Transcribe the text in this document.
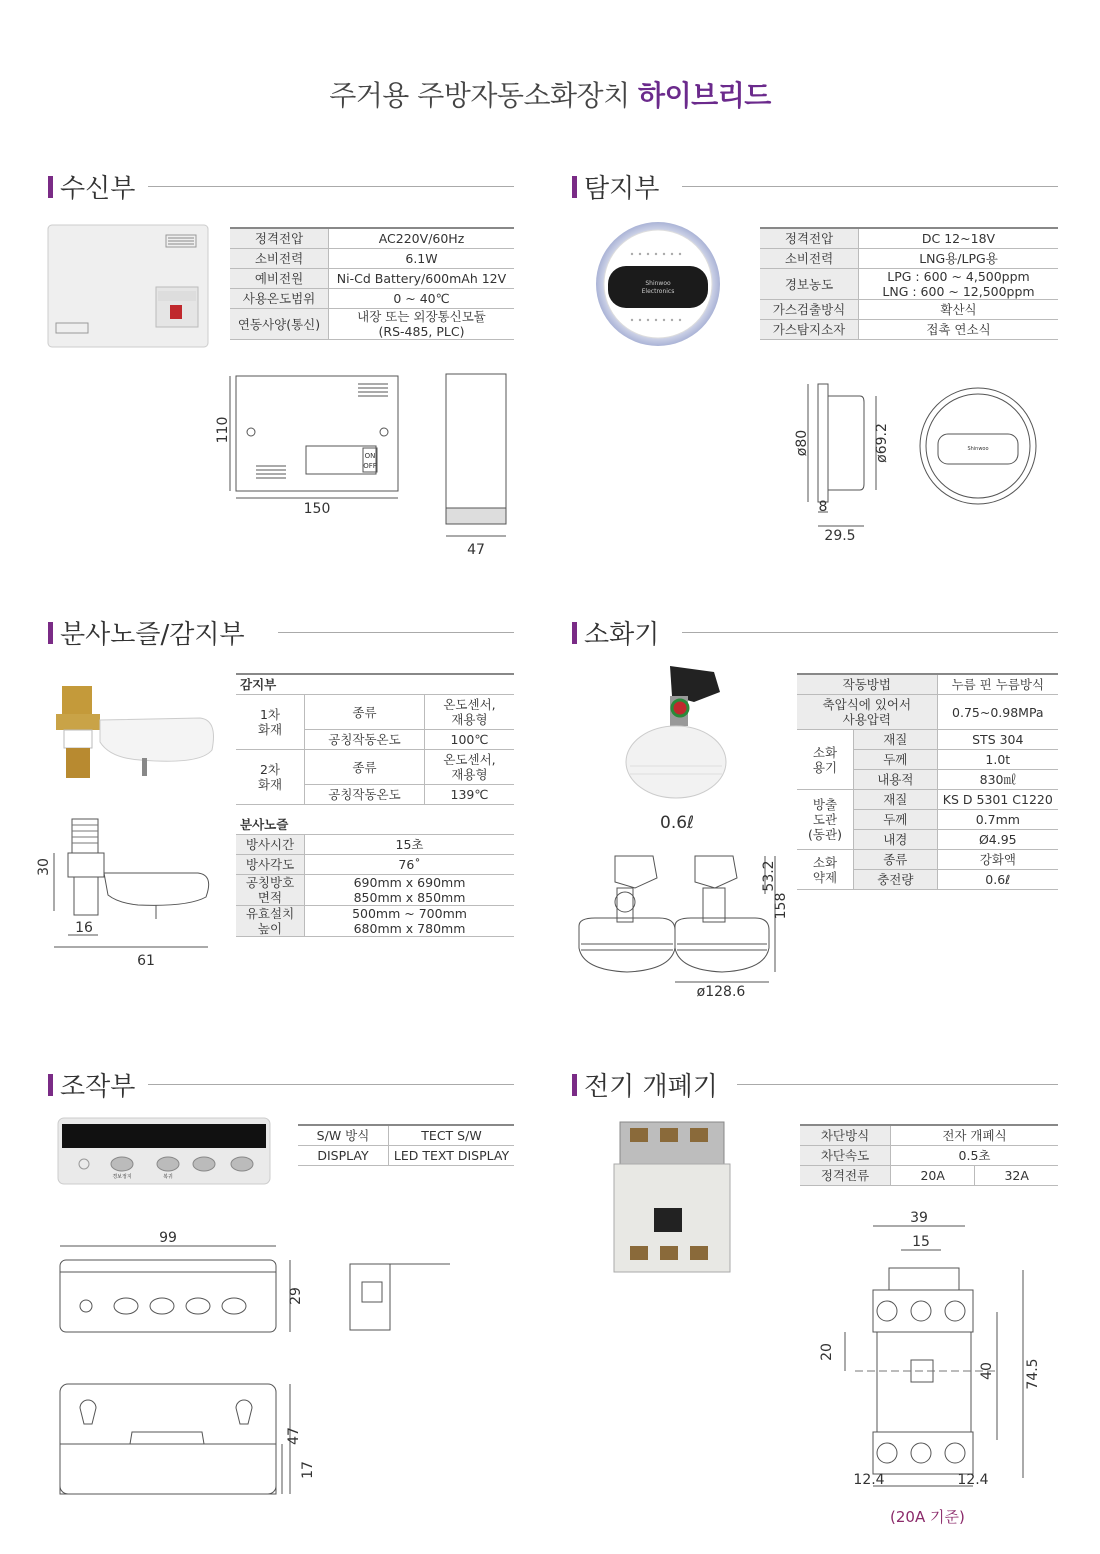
주거용 주방자동소화장치 하이브리드
수신부	탐지부
분사노즐/감지부	소화기
조작부	전기 개폐기
정격전압	AC220V/60Hz
소비전력	6.1W
예비전원	Ni-Cd Battery/600mAh 12V
사용온도범위	0 ~ 40℃
연동사양(통신)	내장 또는 외장통신모듈
(RS-485, PLC)
ON
OFF
150
110
47
Shinwoo
Electronics
정격전압	DC 12~18V
소비전력	LNG용/LPG용
경보농도	LPG : 600 ~ 4,500ppm
LNG : 600 ~ 12,500ppm
가스검출방식	확산식
가스탐지소자	접촉 연소식
ø80	ø69.2
8
29.5
Shinwoo
30
16
61
감지부		
1차
화재	종류	온도센서,
재용형
	공칭작동온도	100℃
2차
화재	종류	온도센서,
재용형
	공칭작동온도	139℃

분사노즐		
방사시간	15초	
방사각도	76˚	
공칭방호
면적	690mm x 690mm
850mm x 850mm	
유효설치
높이	500mm ~ 700mm
680mm x 780mm	
0.6ℓ
53.2
158
ø128.6
작동방법		누름 핀 누름방식
축압식에 있어서
사용압력		0.75~0.98MPa
소화
용기	재질	STS 304
	두께	1.0t
	내용적	830㎖
방출
도관
(동관)	재질	KS D 5301 C1220
	두께	0.7mm
	내경	Ø4.95
소화
약제	종류	강화액
	충전량	0.6ℓ
경보정지	복귀
S/W 방식	TECT S/W
DISPLAY	LED TEXT DISPLAY
99
29
47
17
차단방식	전자 개폐식	
차단속도	0.5초	
정격전류	20A	32A
39
15
20
40 74.5
12.4	12.4
(20A 기준)
